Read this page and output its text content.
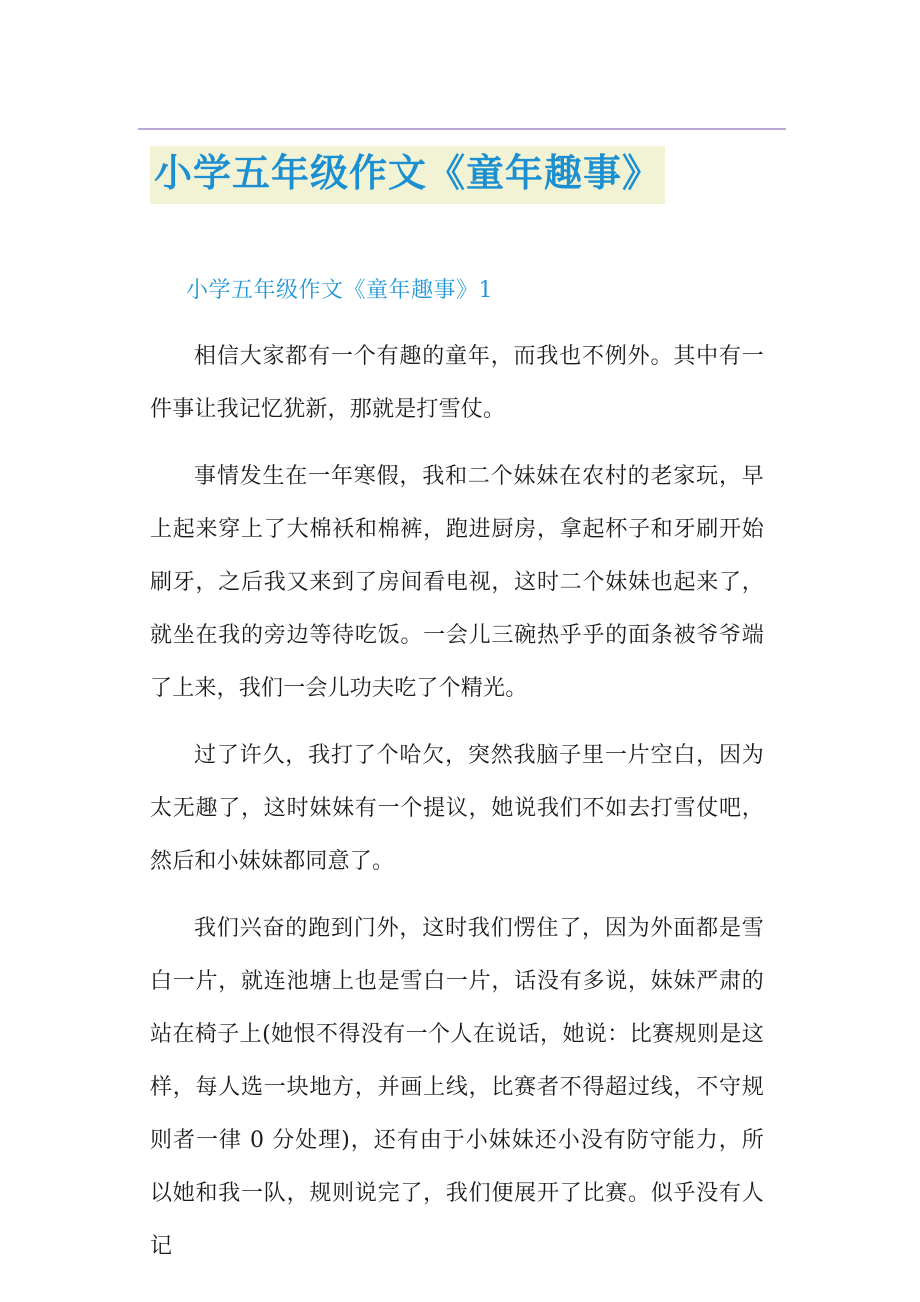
小学五年级作文《童年趣事》
小学五年级作文《童年趣事》1

相信大家都有一个有趣的童年，而我也不例外。其中有一件事让我记忆犹新，那就是打雪仗。

事情发生在一年寒假，我和二个妹妹在农村的老家玩，早上起来穿上了大棉袄和棉裤，跑进厨房，拿起杯子和牙刷开始刷牙，之后我又来到了房间看电视，这时二个妹妹也起来了，就坐在我的旁边等待吃饭。一会儿三碗热乎乎的面条被爷爷端了上来，我们一会儿功夫吃了个精光。

过了许久，我打了个哈欠，突然我脑子里一片空白，因为太无趣了，这时妹妹有一个提议，她说我们不如去打雪仗吧，然后和小妹妹都同意了。

我们兴奋的跑到门外，这时我们愣住了，因为外面都是雪白一片，就连池塘上也是雪白一片，话没有多说，妹妹严肃的站在椅子上(她恨不得没有一个人在说话，她说：比赛规则是这样，每人选一块地方，并画上线，比赛者不得超过线，不守规则者一律 0 分处理)，还有由于小妹妹还小没有防守能力，所以她和我一队，规则说完了，我们便展开了比赛。似乎没有人记
